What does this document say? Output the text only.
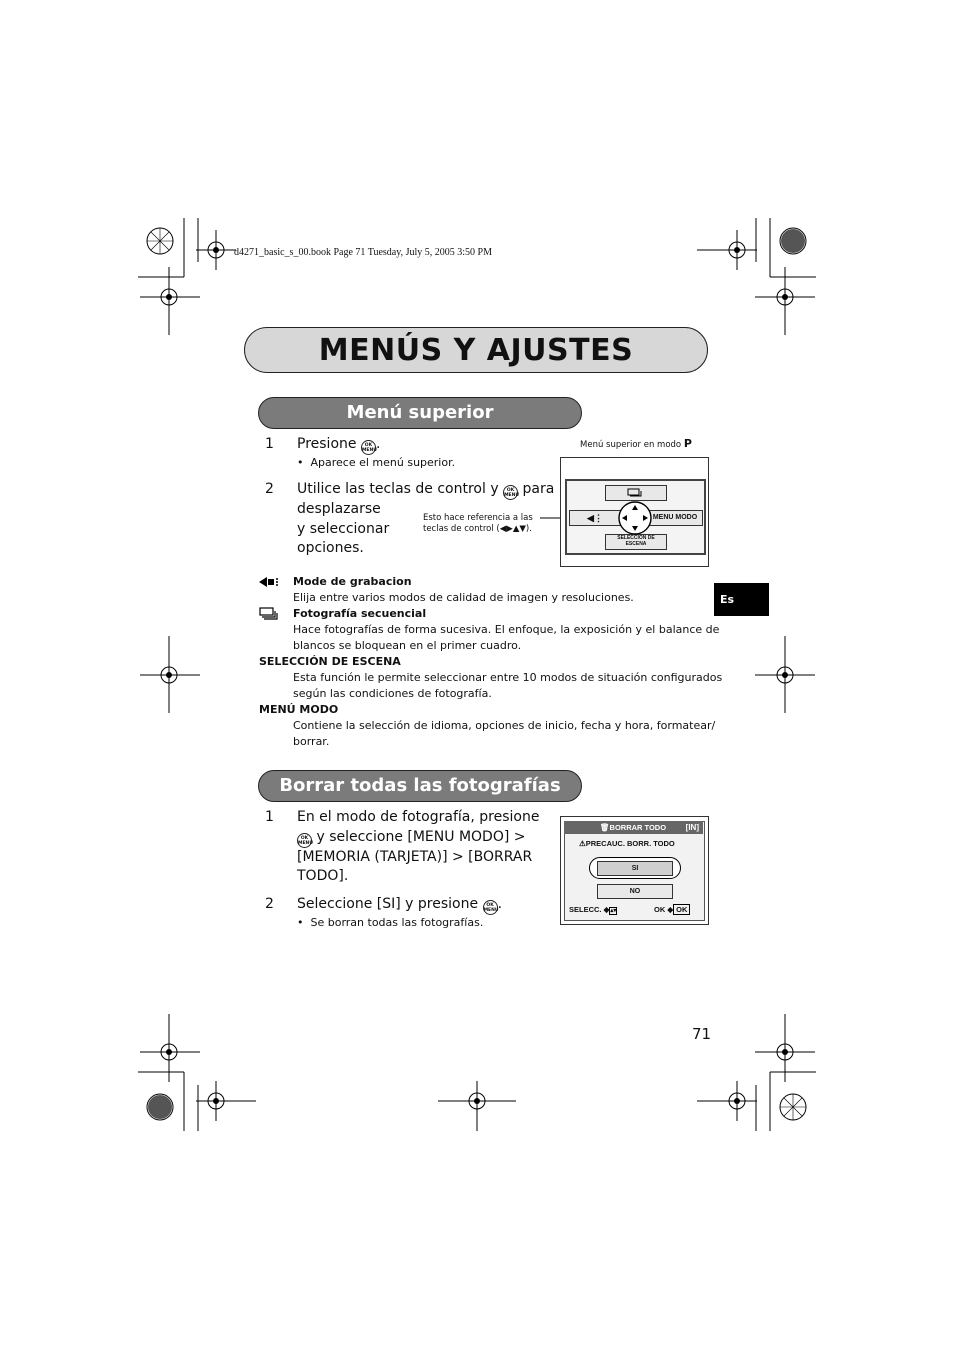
d4271_basic_s_00.book Page 71 Tuesday, July 5, 2005 3:50 PM
MENÚS Y AJUSTES
Menú superior
1 Presione OK
MENU.
•  Aparece el menú superior.
2 Utilice las teclas de control y OK
MENU para
desplazarse
y seleccionar
opciones.
Menú superior en modo P
Esto hace referencia a las
teclas de control (◀▶▲▼).
◀⋮	MENU MODO
SELECCION DE
ESCENA
Es
Mode de grabacion
Elija entre varios modos de calidad de imagen y resoluciones.
Fotografía secuencial
Hace fotografías de forma sucesiva. El enfoque, la exposición y el balance de
blancos se bloquean en el primer cuadro.
SELECCIÓN DE ESCENA
Esta función le permite seleccionar entre 10 modos de situación configurados
según las condiciones de fotografía.
MENÚ MODO
Contiene la selección de idioma, opciones de inicio, fecha y hora, formatear/
borrar.
Borrar todas las fotografías
1 En el modo de fotografía, presione
OK
MENU y seleccione [MENU MODO] >
[MEMORIA (TARJETA)] > [BORRAR
TODO].
2 Seleccione [SI] y presione OK
MENU.
•  Se borran todas las fotografías.
🗑BORRAR TODO [IN]
⚠PRECAUC. BORR. TODO
SI
NO
SELECC. ◆▴▾	OK ◆ OK
71
